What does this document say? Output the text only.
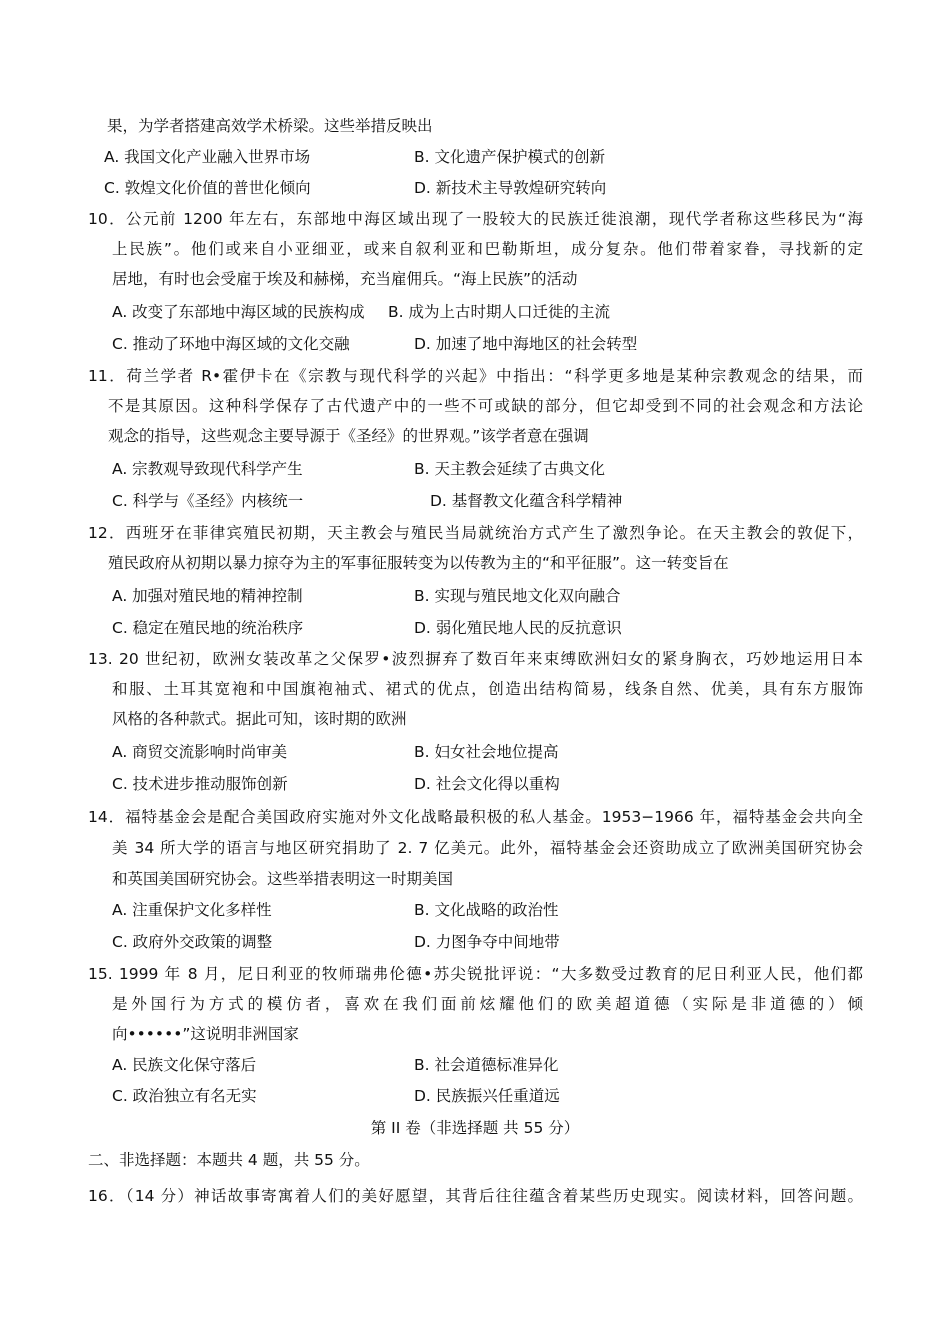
果，为学者搭建高效学术桥梁。这些举措反映出
A. 我国文化产业融入世界市场	B. 文化遗产保护模式的创新
C. 敦煌文化价值的普世化倾向	D. 新技术主导敦煌研究转向
10．公元前 1200 年左右，东部地中海区域出现了一股较大的民族迁徙浪潮，现代学者称这些移民为“海
上民族”。他们或来自小亚细亚，或来自叙利亚和巴勒斯坦，成分复杂。他们带着家眷，寻找新的定
居地，有时也会受雇于埃及和赫梯，充当雇佣兵。“海上民族”的活动
A. 改变了东部地中海区域的民族构成 B. 成为上古时期人口迁徙的主流
C. 推动了环地中海区域的文化交融	D. 加速了地中海地区的社会转型
11．荷兰学者 R•霍伊卡在《宗教与现代科学的兴起》中指出：“科学更多地是某种宗教观念的结果，而
不是其原因。这种科学保存了古代遗产中的一些不可或缺的部分，但它却受到不同的社会观念和方法论
观念的指导，这些观念主要导源于《圣经》的世界观。”该学者意在强调
A. 宗教观导致现代科学产生	B. 天主教会延续了古典文化
C. 科学与《圣经》内核统一	D. 基督教文化蕴含科学精神
12．西班牙在菲律宾殖民初期，天主教会与殖民当局就统治方式产生了激烈争论。在天主教会的敦促下，
殖民政府从初期以暴力掠夺为主的军事征服转变为以传教为主的“和平征服”。这一转变旨在
A. 加强对殖民地的精神控制	B. 实现与殖民地文化双向融合
C. 稳定在殖民地的统治秩序	D. 弱化殖民地人民的反抗意识
13. 20 世纪初，欧洲女装改革之父保罗•波烈摒弃了数百年来束缚欧洲妇女的紧身胸衣，巧妙地运用日本
和服、土耳其宽袍和中国旗袍袖式、裙式的优点，创造出结构简易，线条自然、优美，具有东方服饰
风格的各种款式。据此可知，该时期的欧洲
A. 商贸交流影响时尚审美	B. 妇女社会地位提高
C. 技术进步推动服饰创新	D. 社会文化得以重构
14．福特基金会是配合美国政府实施对外文化战略最积极的私人基金。1953−1966 年，福特基金会共向全
美 34 所大学的语言与地区研究捐助了 2. 7 亿美元。此外，福特基金会还资助成立了欧洲美国研究协会
和英国美国研究协会。这些举措表明这一时期美国
A. 注重保护文化多样性	B. 文化战略的政治性
C. 政府外交政策的调整	D. 力图争夺中间地带
15. 1999 年 8 月，尼日利亚的牧师瑞弗伦德•苏尖锐批评说：“大多数受过教育的尼日利亚人民，他们都
是外国行为方式的模仿者，喜欢在我们面前炫耀他们的欧美超道德（实际是非道德的）倾
向••••••”这说明非洲国家
A. 民族文化保守落后	B. 社会道德标准异化
C. 政治独立有名无实	D. 民族振兴任重道远
第 II 卷（非选择题 共 55 分）
二、非选择题：本题共 4 题，共 55 分。
16．（14 分）神话故事寄寓着人们的美好愿望，其背后往往蕴含着某些历史现实。阅读材料，回答问题。
